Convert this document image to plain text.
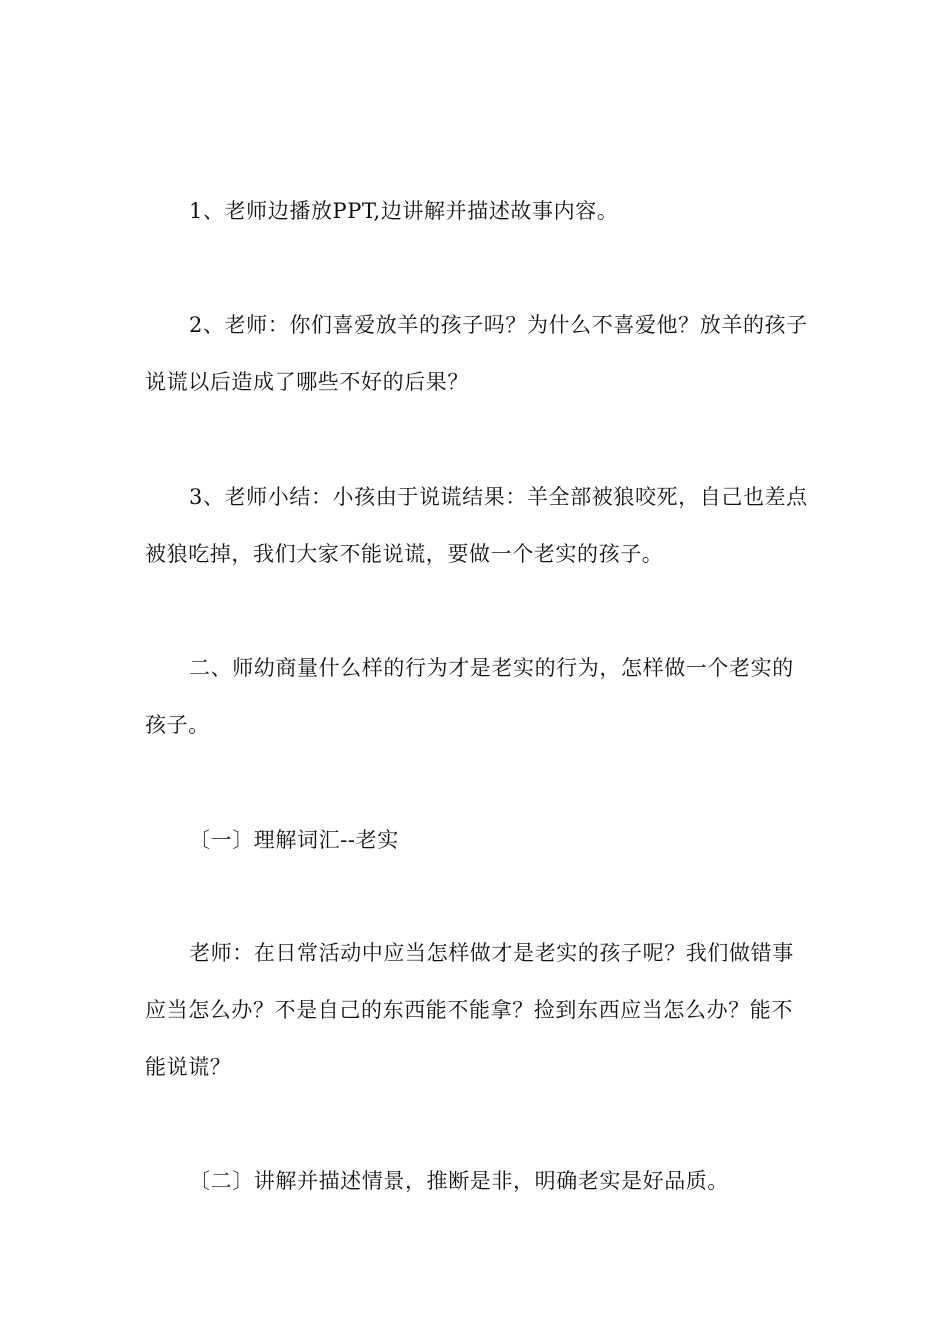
1、老师边播放PPT,边讲解并描述故事内容。

2、老师：你们喜爱放羊的孩子吗？为什么不喜爱他？放羊的孩子说谎以后造成了哪些不好的后果？

3、老师小结：小孩由于说谎结果：羊全部被狼咬死，自己也差点被狼吃掉，我们大家不能说谎，要做一个老实的孩子。

二、师幼商量什么样的行为才是老实的行为，怎样做一个老实的孩子。

〔一〕理解词汇--老实

老师：在日常活动中应当怎样做才是老实的孩子呢？我们做错事应当怎么办？不是自己的东西能不能拿？捡到东西应当怎么办？能不能说谎？

〔二〕讲解并描述情景，推断是非，明确老实是好品质。
